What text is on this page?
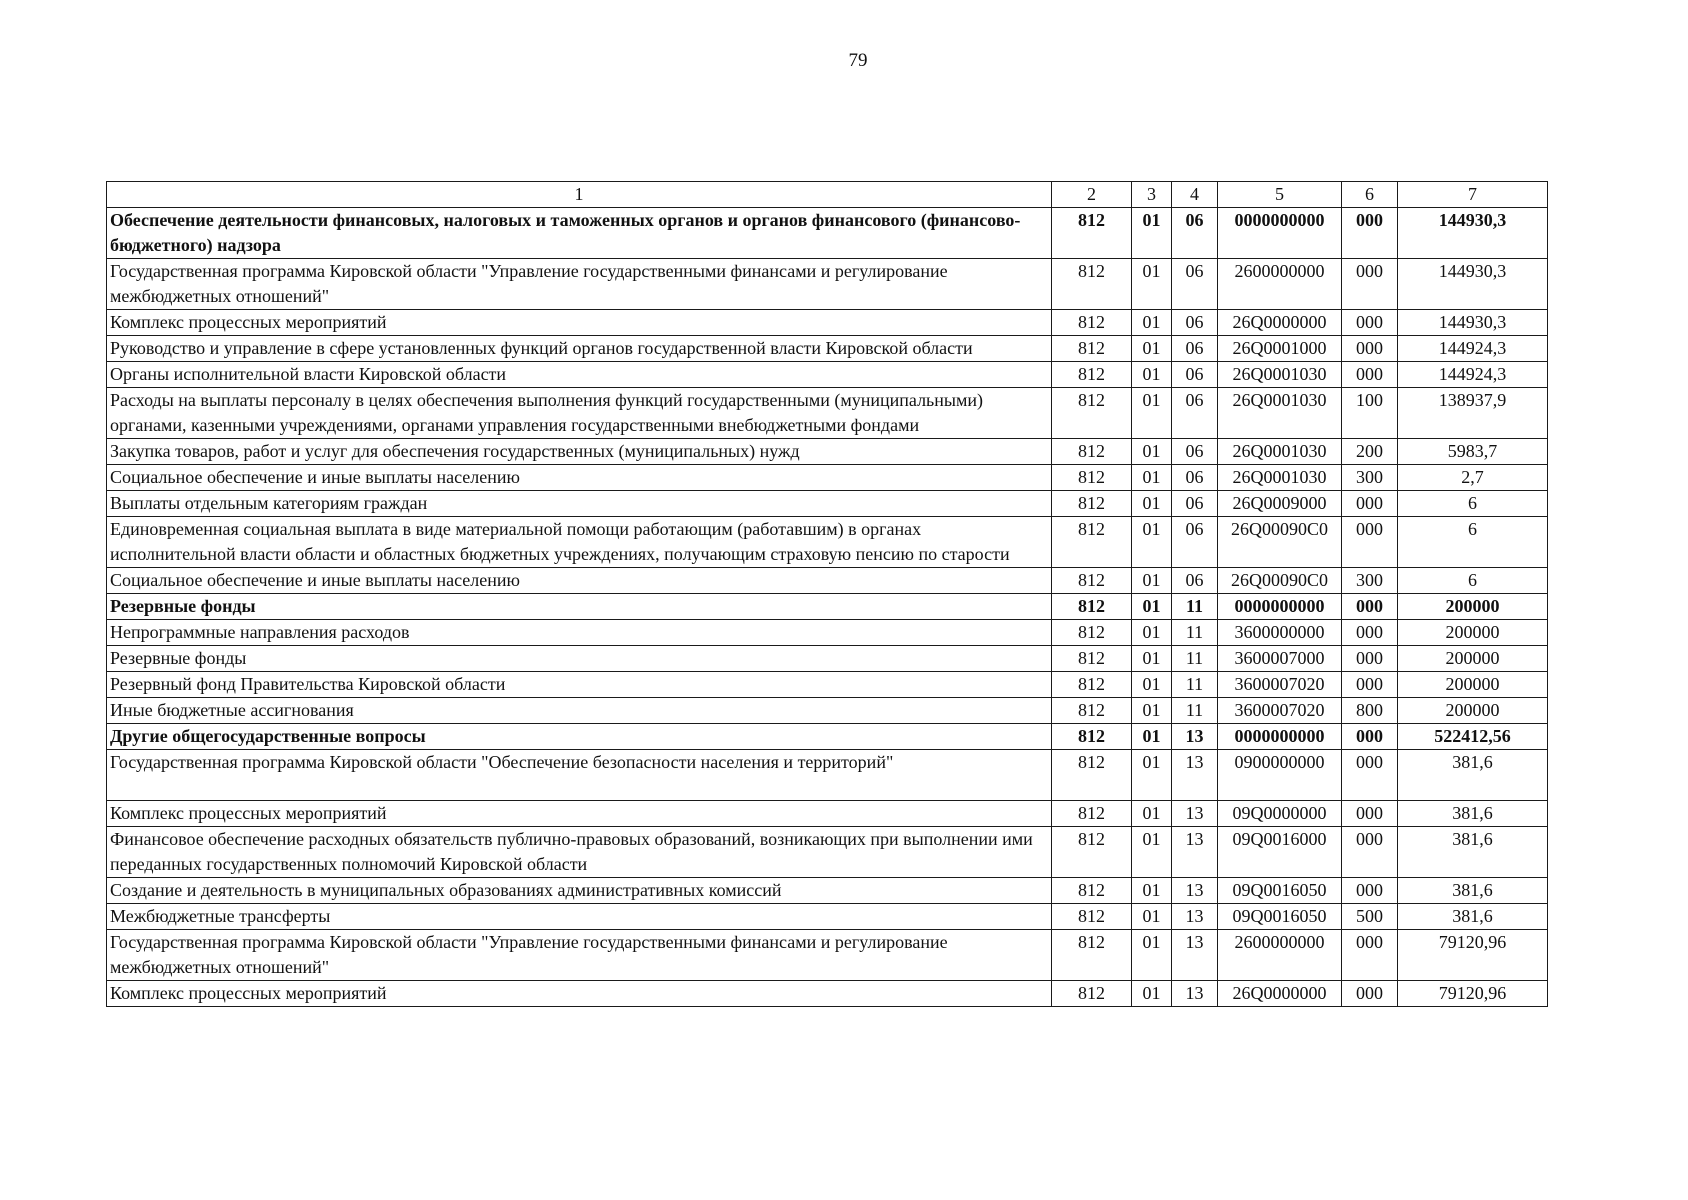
79
1	2	3	4	5	6	7
Обеспечение деятельности финансовых, налоговых и таможенных органов и органов финансового (финансово-бюджетного) надзора	812	01	06	0000000000	000	144930,3
Государственная программа Кировской области "Управление государственными финансами и регулирование межбюджетных отношений"	812	01	06	2600000000	000	144930,3
Комплекс процессных мероприятий	812	01	06	26Q0000000	000	144930,3
Руководство и управление в сфере установленных функций органов государственной власти Кировской области	812	01	06	26Q0001000	000	144924,3
Органы исполнительной власти Кировской области	812	01	06	26Q0001030	000	144924,3
Расходы на выплаты персоналу в целях обеспечения выполнения функций государственными (муниципальными) органами, казенными учреждениями, органами управления государственными внебюджетными фондами	812	01	06	26Q0001030	100	138937,9
Закупка товаров, работ и услуг для обеспечения государственных (муниципальных) нужд	812	01	06	26Q0001030	200	5983,7
Социальное обеспечение и иные выплаты населению	812	01	06	26Q0001030	300	2,7
Выплаты отдельным категориям граждан	812	01	06	26Q0009000	000	6
Единовременная социальная выплата в виде материальной помощи работающим (работавшим) в органах исполнительной власти области и областных бюджетных учреждениях, получающим страховую пенсию по старости	812	01	06	26Q00090C0	000	6
Социальное обеспечение и иные выплаты населению	812	01	06	26Q00090C0	300	6
Резервные фонды	812	01	11	0000000000	000	200000
Непрограммные направления расходов	812	01	11	3600000000	000	200000
Резервные фонды	812	01	11	3600007000	000	200000
Резервный фонд Правительства Кировской области	812	01	11	3600007020	000	200000
Иные бюджетные ассигнования	812	01	11	3600007020	800	200000
Другие общегосударственные вопросы	812	01	13	0000000000	000	522412,56
Государственная программа Кировской области "Обеспечение безопасности населения и территорий"	812	01	13	0900000000	000	381,6
Комплекс процессных мероприятий	812	01	13	09Q0000000	000	381,6
Финансовое обеспечение расходных обязательств публично-правовых образований, возникающих при выполнении ими переданных государственных полномочий Кировской области	812	01	13	09Q0016000	000	381,6
Создание и деятельность в муниципальных образованиях административных комиссий	812	01	13	09Q0016050	000	381,6
Межбюджетные трансферты	812	01	13	09Q0016050	500	381,6
Государственная программа Кировской области "Управление государственными финансами и регулирование межбюджетных отношений"	812	01	13	2600000000	000	79120,96
Комплекс процессных мероприятий	812	01	13	26Q0000000	000	79120,96
